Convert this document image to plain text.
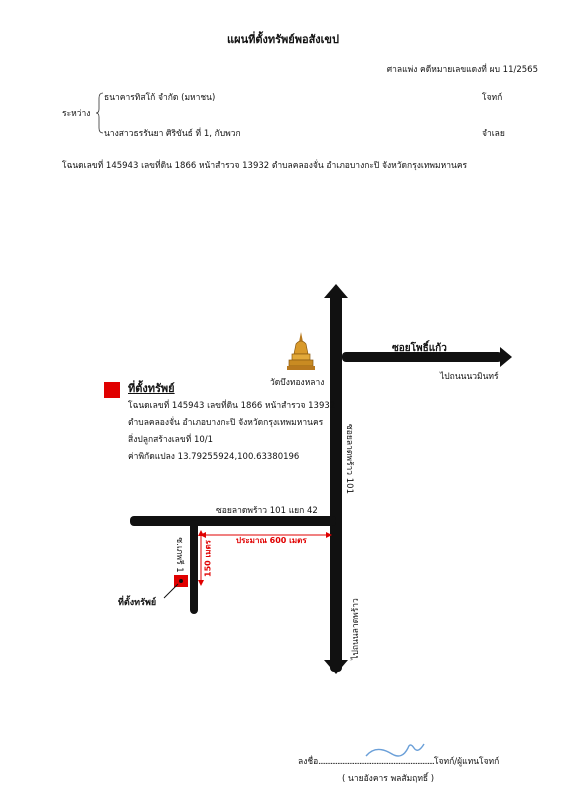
แผนที่ตั้งทรัพย์พอสังเขป
ศาลแพ่ง คดีหมายเลขแดงที่ ผบ 11/2565
ระหว่าง
ธนาคารทิสโก้ จำกัด (มหาชน)	โจทก์
นางสาวธรรันยา ศิริขันธ์ ที่ 1, กับพวก	จำเลย
โฉนดเลขที่ 145943 เลขที่ดิน 1866 หน้าสำรวจ 13932 ตำบลคลองจั่น อำเภอบางกะปิ จังหวัดกรุงเทพมหานคร
วัดบึงทองหลาง
ซอยโพธิ์แก้ว
ไปถนนนวมินทร์
ซอยลาดพร้าว 101
ซอยลาดพร้าว 101 แยก 42
ประมาณ 600 เมตร
150 เมตร
ซ.เภพรี 1
ที่ตั้งทรัพย์
ที่ตั้งทรัพย์
โฉนดเลขที่ 145943 เลขที่ดิน 1866 หน้าสำรวจ 13932
ตำบลคลองจั่น อำเภอบางกะปิ จังหวัดกรุงเทพมหานคร
สิ่งปลูกสร้างเลขที่ 10/1
ค่าพิกัดแปลง 13.79255924,100.63380196
ไปถนนลาดพร้าว
ลงชื่อ....................................................................โจทก์/ผู้แทนโจทก์
( นายอังคาร พลสัมฤทธิ์ )
